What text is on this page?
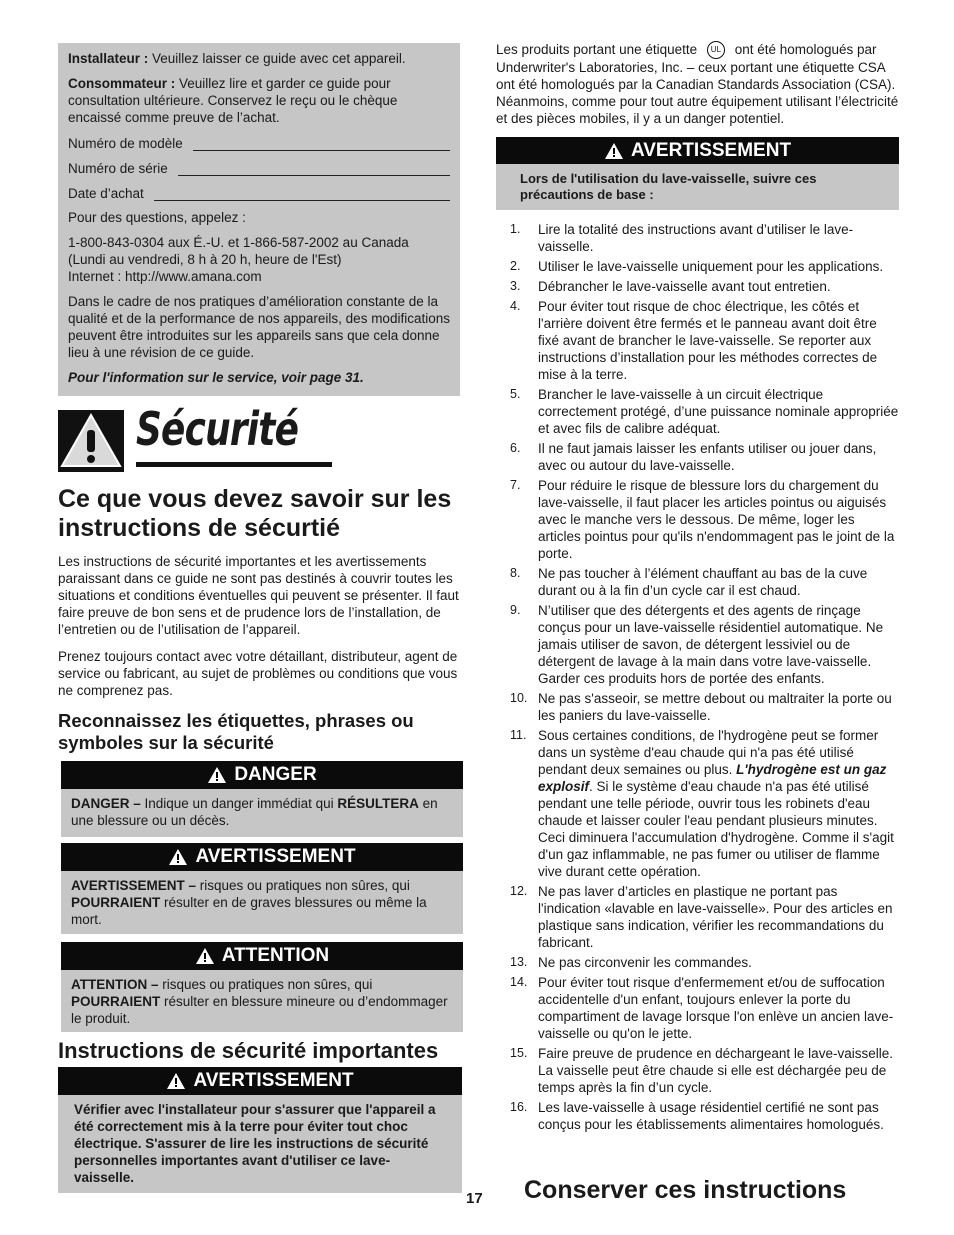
Installateur : Veuillez laisser ce guide avec cet appareil.

Consommateur : Veuillez lire et garder ce guide pour consultation ultérieure. Conservez le reçu ou le chèque encaissé comme preuve de l’achat.

Numéro de modèle
Numéro de série
Date d’achat

Pour des questions, appelez :

1-800-843-0304 aux É.-U. et 1-866-587-2002 au Canada
(Lundi au vendredi, 8 h à 20 h, heure de l'Est)
Internet : http://www.amana.com

Dans le cadre de nos pratiques d’amélioration constante de la qualité et de la performance de nos appareils, des modifications peuvent être introduites sur les appareils sans que cela donne lieu à une révision de ce guide.

Pour l'information sur le service, voir page 31.

Sécurité
Ce que vous devez savoir sur les instructions de sécurtié

Les instructions de sécurité importantes et les avertissements paraissant dans ce guide ne sont pas destinés à couvrir toutes les situations et conditions éventuelles qui peuvent se présenter. Il faut faire preuve de bon sens et de prudence lors de l’installation, de l’entretien ou de l’utilisation de l’appareil.

Prenez toujours contact avec votre détaillant, distributeur, agent de service ou fabricant, au sujet de problèmes ou conditions que vous ne comprenez pas.

Reconnaissez les étiquettes, phrases ou symboles sur la sécurité
DANGER

DANGER – Indique un danger immédiat qui RÉSULTERA en une blessure ou un décès.

AVERTISSEMENT

AVERTISSEMENT – risques ou pratiques non sûres, qui POURRAIENT résulter en de graves blessures ou même la mort.

ATTENTION

ATTENTION – risques ou pratiques non sûres, qui POURRAIENT résulter en blessure mineure ou d’endommager le produit.

Instructions de sécurité importantes
AVERTISSEMENT

Vérifier avec l'installateur pour s'assurer que l'appareil a été correctement mis à la terre pour éviter tout choc électrique. S'assurer de lire les instructions de sécurité personnelles importantes avant d'utiliser ce lave-vaisselle.

17

Les produits portant une étiquette UL ont été homologués par Underwriter's Laboratories, Inc. – ceux portant une étiquette CSA ont été homologués par la Canadian Standards Association (CSA). Néanmoins, comme pour tout autre équipement utilisant l’électricité et des pièces mobiles, il y a un danger potentiel.

AVERTISSEMENT

Lors de l'utilisation du lave-vaisselle, suivre ces précautions de base :

1.	Lire la totalité des instructions avant d’utiliser le lave-vaisselle.
2.	Utiliser le lave-vaisselle uniquement pour les applications.
3.	Débrancher le lave-vaisselle avant tout entretien.
4.	Pour éviter tout risque de choc électrique, les côtés et l'arrière doivent être fermés et le panneau avant doit être fixé avant de brancher le lave-vaisselle. Se reporter aux instructions d’installation pour les méthodes correctes de mise à la terre.
5.	Brancher le lave-vaisselle à un circuit électrique correctement protégé, d’une puissance nominale appropriée et avec fils de calibre adéquat.
6.	Il ne faut jamais laisser les enfants utiliser ou jouer dans, avec ou autour du lave-vaisselle.
7.	Pour réduire le risque de blessure lors du chargement du lave-vaisselle, il faut placer les articles pointus ou aiguisés avec le manche vers le dessous. De même, loger les articles pointus pour qu'ils n'endommagent pas le joint de la porte.
8.	Ne pas toucher à l’élément chauffant au bas de la cuve durant ou à la fin d’un cycle car il est chaud.
9.	N’utiliser que des détergents et des agents de rinçage conçus pour un lave-vaisselle résidentiel automatique. Ne jamais utiliser de savon, de détergent lessiviel ou de détergent de lavage à la main dans votre lave-vaisselle. Garder ces produits hors de portée des enfants.
10. Ne pas s'asseoir, se mettre debout ou maltraiter la porte ou les paniers du lave-vaisselle.
11. Sous certaines conditions, de l'hydrogène peut se former dans un système d'eau chaude qui n'a pas été utilisé pendant deux semaines ou plus. L'hydrogène est un gaz explosif. Si le système d'eau chaude n'a pas été utilisé pendant une telle période, ouvrir tous les robinets d'eau chaude et laisser couler l'eau pendant plusieurs minutes. Ceci diminuera l'accumulation d'hydrogène. Comme il s'agit d'un gaz inflammable, ne pas fumer ou utiliser de flamme vive durant cette opération.
12. Ne pas laver d’articles en plastique ne portant pas l'indication «lavable en lave-vaisselle». Pour des articles en plastique sans indication, vérifier les recommandations du fabricant.
13. Ne pas circonvenir les commandes.
14. Pour éviter tout risque d'enfermement et/ou de suffocation accidentelle d'un enfant, toujours enlever la porte du compartiment de lavage lorsque l'on enlève un ancien lave-vaisselle ou qu'on le jette.
15. Faire preuve de prudence en déchargeant le lave-vaisselle. La vaisselle peut être chaude si elle est déchargée peu de temps après la fin d’un cycle.
16. Les lave-vaisselle à usage résidentiel certifié ne sont pas conçus pour les établissements alimentaires homologués.
Conserver ces instructions
